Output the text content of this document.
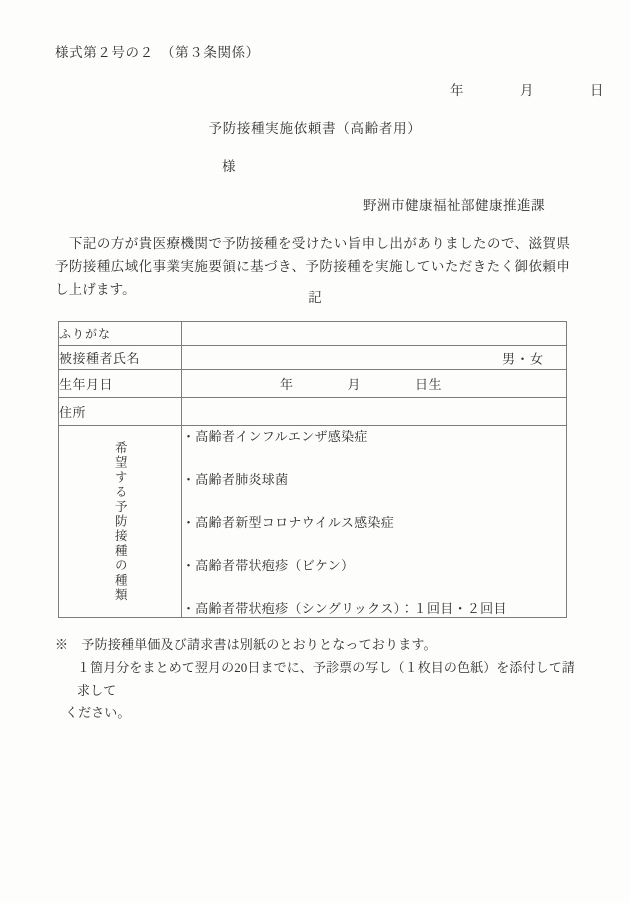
様式第２号の２　（第３条関係）
年　　　　月　　　　日
予防接種実施依頼書（高齢者用）
様
野洲市健康福祉部健康推進課
下記の方が貴医療機関で予防接種を受けたい旨申し出がありましたので、滋賀県予防接種広域化事業実施要領に基づき、予防接種を実施していただきたく御依頼申し上げます。
記
ふりがな	
被接種者氏名	男・女

生年月日	年　　　　月　　　　日生

住所	

希望する予防接種の種類	・高齢者インフルエンザ感染症
・高齢者肺炎球菌
・高齢者新型コロナウイルス感染症
・高齢者帯状疱疹（ビケン）
・高齢者帯状疱疹（シングリックス）：１回目・２回目
※　予防接種単価及び請求書は別紙のとおりとなっております。
１箇月分をまとめて翌月の20日までに、予診票の写し（１枚目の色紙）を添付して請求して
ください。
